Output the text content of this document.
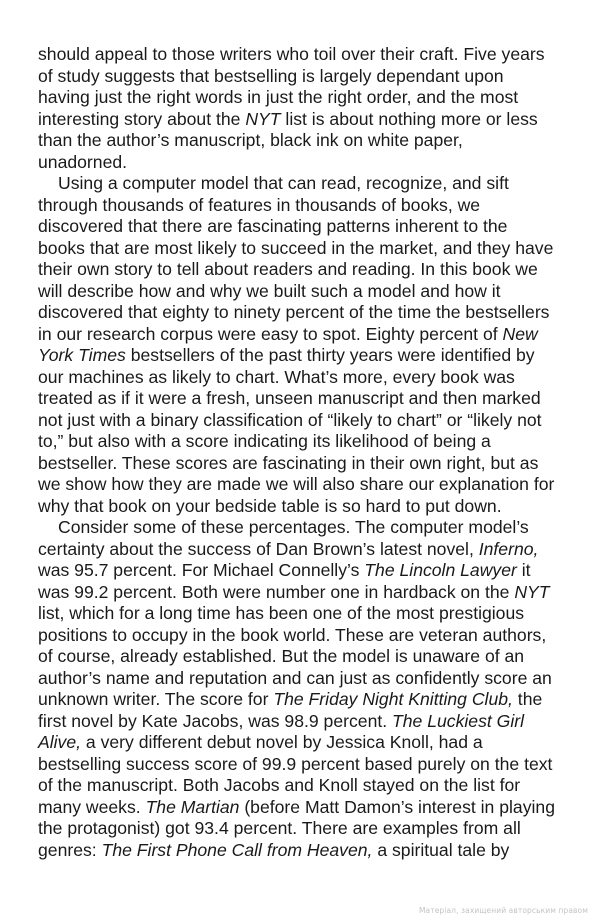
should appeal to those writers who toil over their craft. Five years
of study suggests that bestselling is largely dependant upon
having just the right words in just the right order, and the most
interesting story about the NYT list is about nothing more or less
than the author’s manuscript, black ink on white paper,
unadorned.

Using a computer model that can read, recognize, and sift
through thousands of features in thousands of books, we
discovered that there are fascinating patterns inherent to the
books that are most likely to succeed in the market, and they have
their own story to tell about readers and reading. In this book we
will describe how and why we built such a model and how it
discovered that eighty to ninety percent of the time the bestsellers
in our research corpus were easy to spot. Eighty percent of New
York Times bestsellers of the past thirty years were identified by
our machines as likely to chart. What’s more, every book was
treated as if it were a fresh, unseen manuscript and then marked
not just with a binary classification of “likely to chart” or “likely not
to,” but also with a score indicating its likelihood of being a
bestseller. These scores are fascinating in their own right, but as
we show how they are made we will also share our explanation for
why that book on your bedside table is so hard to put down.

Consider some of these percentages. The computer model’s
certainty about the success of Dan Brown’s latest novel, Inferno,
was 95.7 percent. For Michael Connelly’s The Lincoln Lawyer it
was 99.2 percent. Both were number one in hardback on the NYT
list, which for a long time has been one of the most prestigious
positions to occupy in the book world. These are veteran authors,
of course, already established. But the model is unaware of an
author’s name and reputation and can just as confidently score an
unknown writer. The score for The Friday Night Knitting Club, the
first novel by Kate Jacobs, was 98.9 percent. The Luckiest Girl
Alive, a very different debut novel by Jessica Knoll, had a
bestselling success score of 99.9 percent based purely on the text
of the manuscript. Both Jacobs and Knoll stayed on the list for
many weeks. The Martian (before Matt Damon’s interest in playing
the protagonist) got 93.4 percent. There are examples from all
genres: The First Phone Call from Heaven, a spiritual tale by

Матеріал, захищений авторським правом
